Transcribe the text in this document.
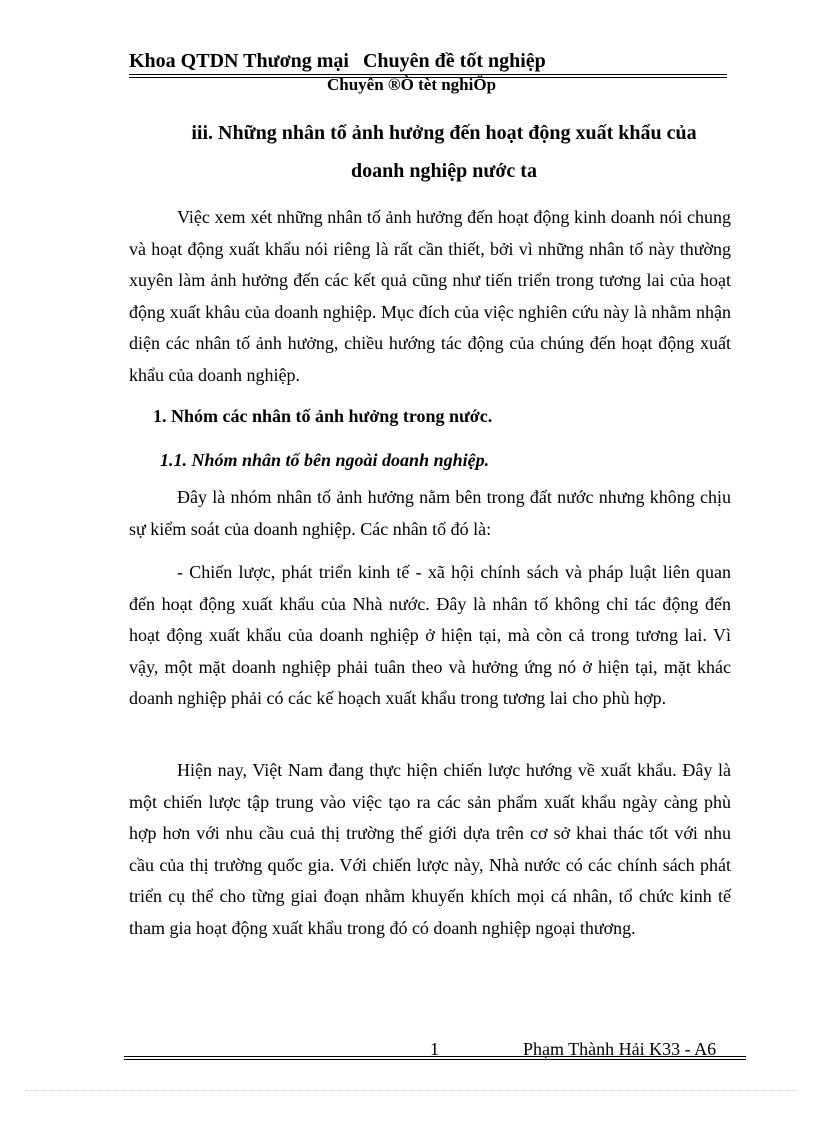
Khoa QTDN Thương mại Chuyên đề tốt nghiệp
Chuyên ®Ò tèt nghiÖp
iii. Những nhân tố ảnh hưởng đến hoạt động xuất khẩu của
doanh nghiệp nước ta

Việc xem xét những nhân tố ảnh hưởng đến hoạt động kinh doanh nói chung và hoạt động xuất khẩu nói riêng là rất cần thiết, bởi vì những nhân tố này thường xuyên làm ảnh hưởng đến các kết quả cũng như tiến triển trong tương lai của hoạt động xuất khâu của doanh nghiệp. Mục đích của việc nghiên cứu này là nhằm nhận diện các nhân tố ảnh hưởng, chiều hướng tác động của chúng đến hoạt động xuất khẩu của doanh nghiệp.

1. Nhóm các nhân tố ảnh hưởng trong nước.
1.1. Nhóm nhân tố bên ngoài doanh nghiệp.

Đây là nhóm nhân tố ảnh hưởng nằm bên trong đất nước nhưng không chịu sự kiểm soát của doanh nghiệp. Các nhân tố đó là:

- Chiến lược, phát triển kinh tế - xã hội chính sách và pháp luật liên quan đến hoạt động xuất khẩu của Nhà nước. Đây là nhân tố không chỉ tác động đến hoạt động xuất khẩu của doanh nghiệp ở hiện tại, mà còn cả trong tương lai. Vì vậy, một mặt doanh nghiệp phải tuân theo và hưởng ứng nó ở hiện tại, mặt khác doanh nghiệp phải có các kế hoạch xuất khẩu trong tương lai cho phù hợp.

Hiện nay, Việt Nam đang thực hiện chiến lược hướng về xuất khẩu. Đây là một chiến lược tập trung vào việc tạo ra các sản phẩm xuất khẩu ngày càng phù hợp hơn với nhu cầu cuả thị trường thế giới dựa trên cơ sở khai thác tốt với nhu cầu của thị trường quốc gia. Với chiến lược này, Nhà nước có các chính sách phát triển cụ thể cho từng giai đoạn nhằm khuyến khích mọi cá nhân, tổ chức kinh tế tham gia hoạt động xuất khẩu trong đó có doanh nghiệp ngoại thương.

1	Phạm Thành Hải K33 - A6
